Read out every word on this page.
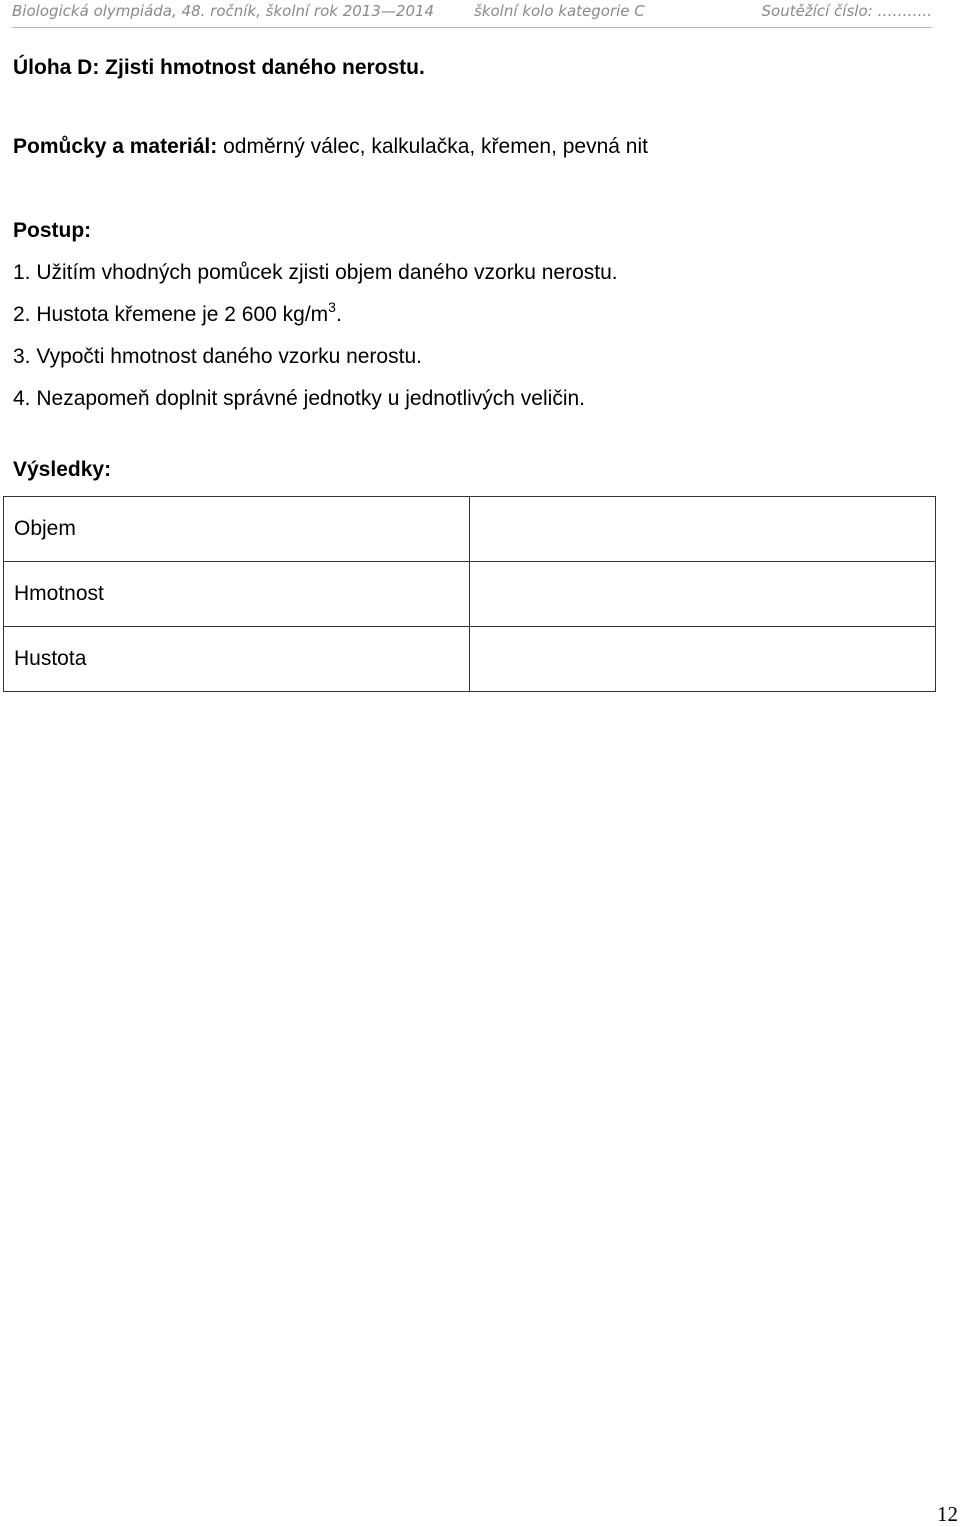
Biologická olympiáda, 48. ročník, školní rok 2013—2014	školní kolo kategorie C	Soutěžící číslo: ………..
Úloha D: Zjisti hmotnost daného nerostu.
Pomůcky a materiál: odměrný válec, kalkulačka, křemen, pevná nit
Postup:
1. Užitím vhodných pomůcek zjisti objem daného vzorku nerostu.
2. Hustota křemene je 2 600 $kg/m^3$.
3. Vypočti hmotnost daného vzorku nerostu.
4. Nezapomeň doplnit správné jednotky u jednotlivých veličin.
Výsledky:
Objem	
Hmotnost	
Hustota	
12
